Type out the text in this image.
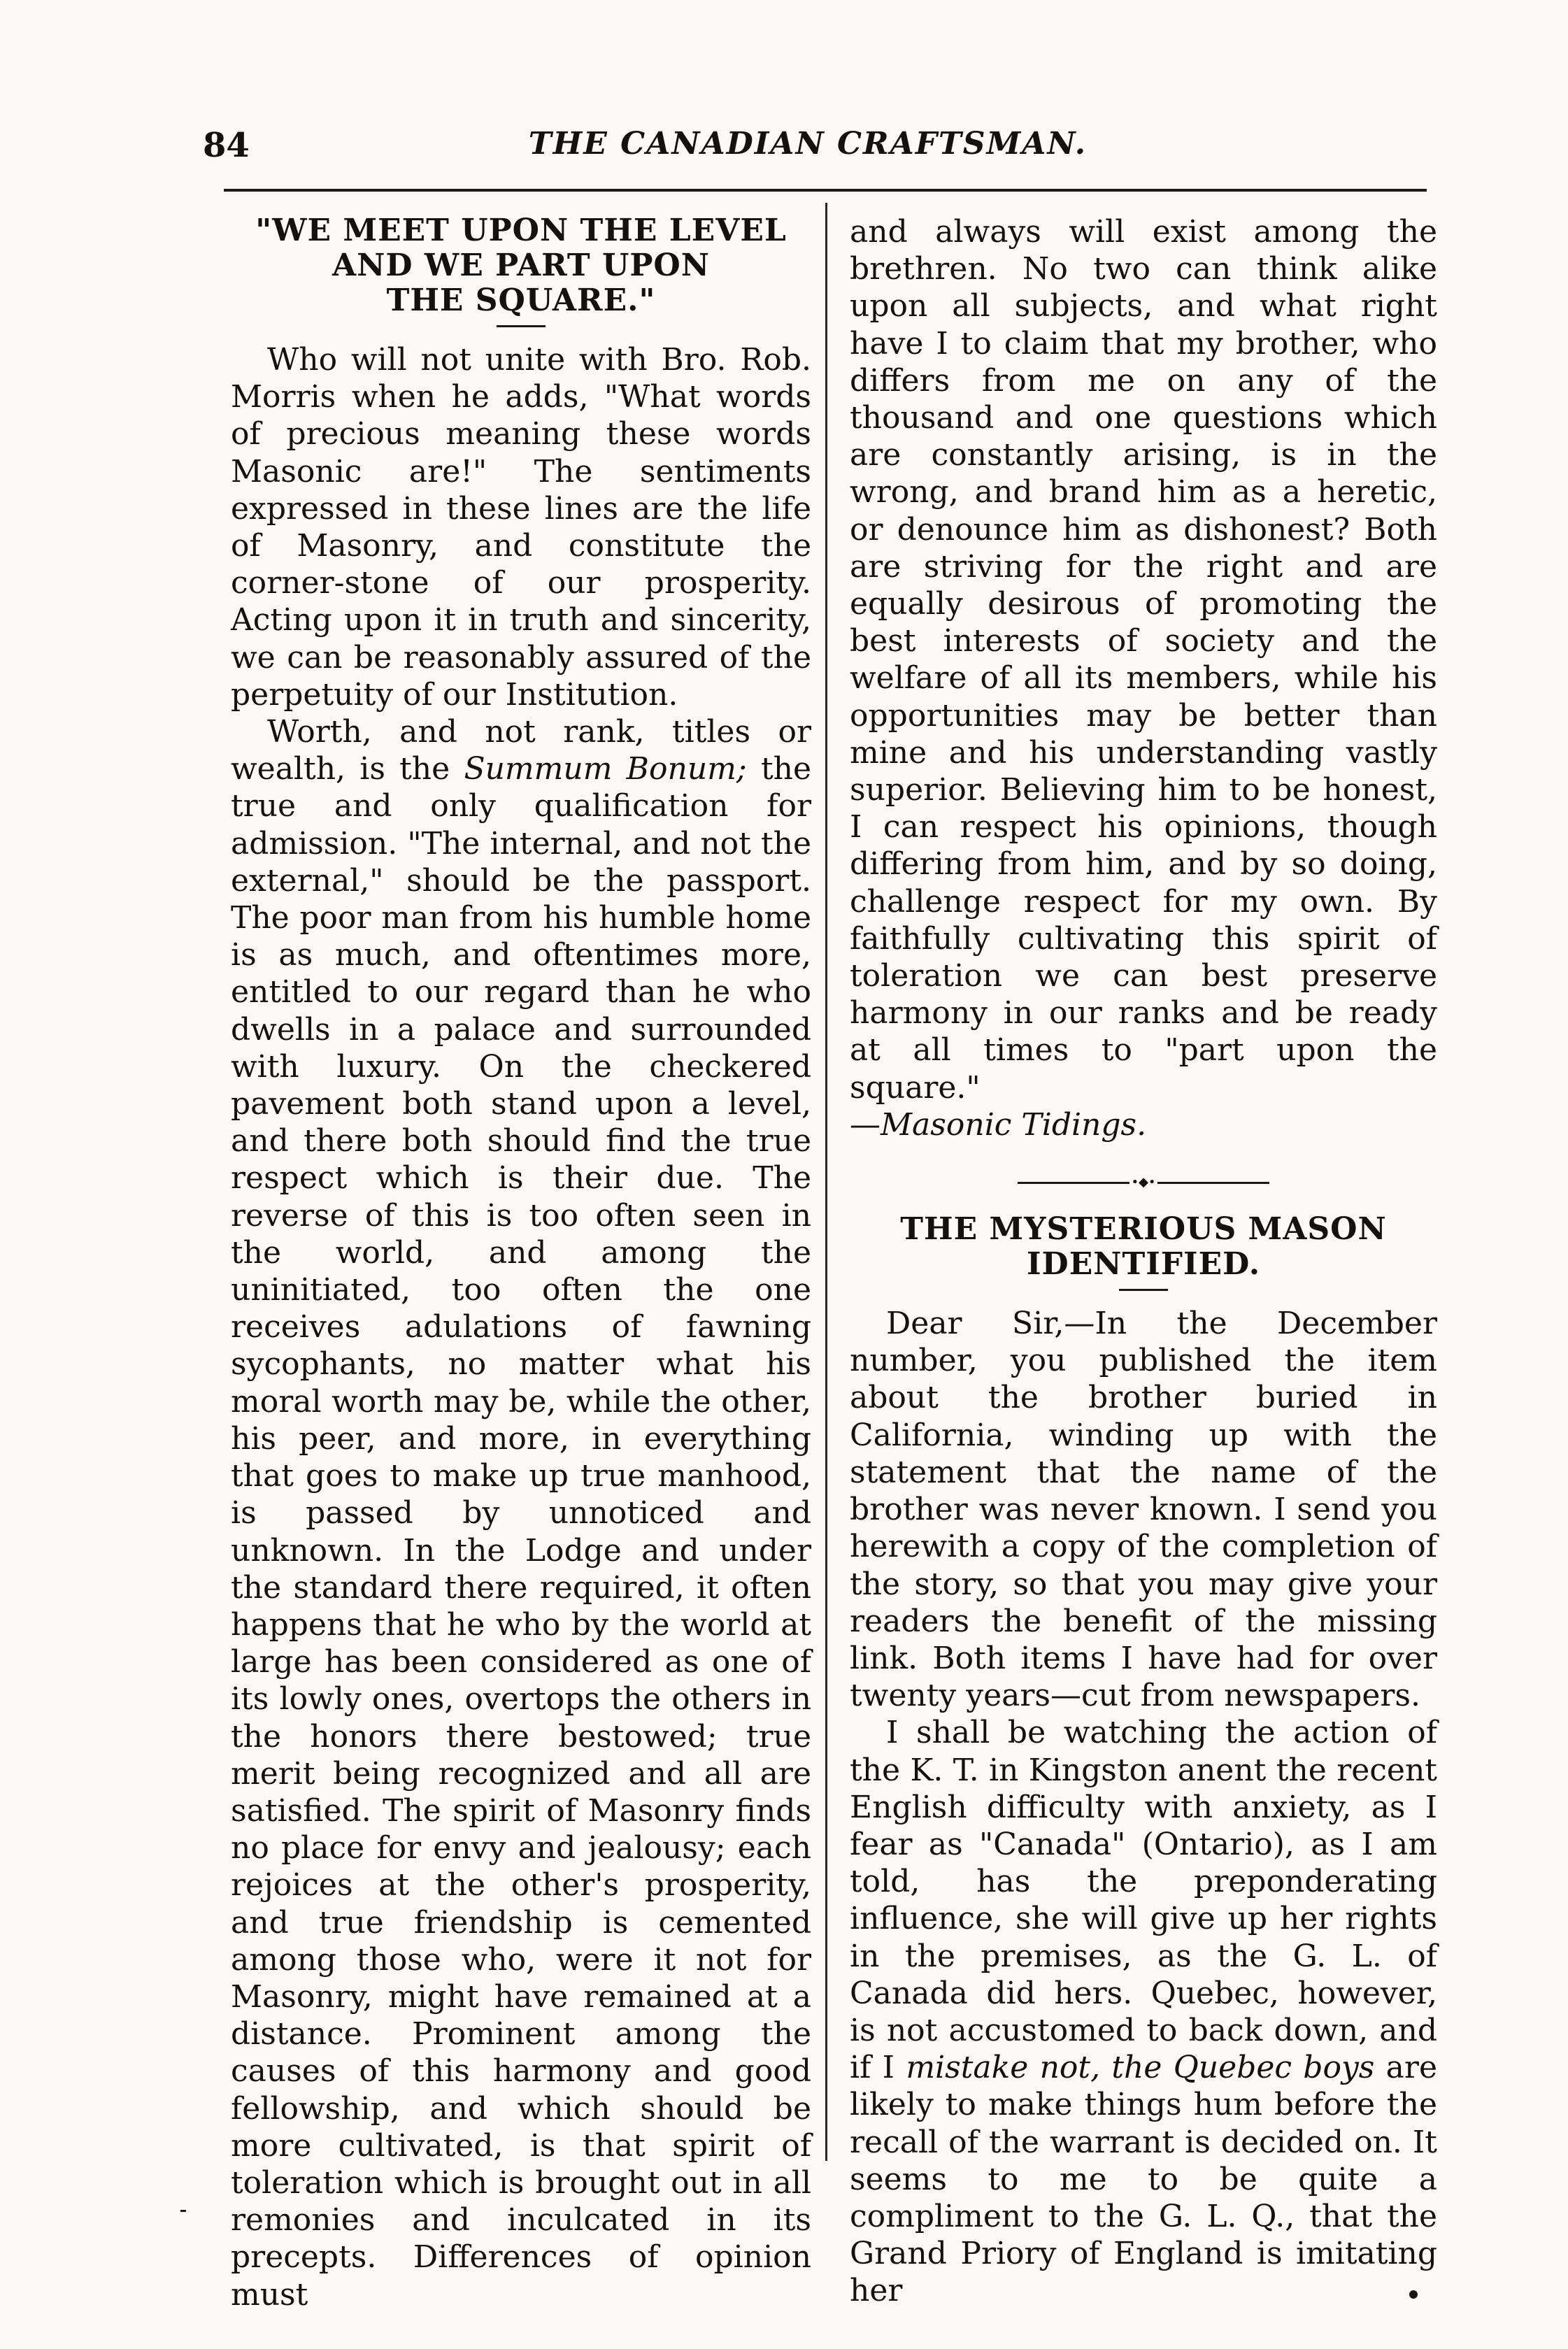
84	THE CANADIAN CRAFTSMAN.
"WE MEET UPON THE LEVEL
AND WE PART UPON
THE SQUARE."

Who will not unite with Bro. Rob. Morris when he adds, "What words of precious meaning these words Masonic are!" The sentiments expressed in these lines are the life of Masonry, and constitute the corner-stone of our prosperity. Acting upon it in truth and sincerity, we can be reasonably assured of the perpetuity of our Institution.

Worth, and not rank, titles or wealth, is the Summum Bonum; the true and only qualification for admission. "The internal, and not the external," should be the passport. The poor man from his humble home is as much, and oftentimes more, entitled to our regard than he who dwells in a palace and surrounded with luxury. On the checkered pavement both stand upon a level, and there both should find the true respect which is their due. The reverse of this is too often seen in the world, and among the uninitiated, too often the one receives adulations of fawning sycophants, no matter what his moral worth may be, while the other, his peer, and more, in everything that goes to make up true manhood, is passed by unnoticed and unknown. In the Lodge and under the standard there required, it often happens that he who by the world at large has been considered as one of its lowly ones, overtops the others in the honors there bestowed; true merit being recognized and all are satisfied. The spirit of Masonry finds no place for envy and jealousy; each rejoices at the other's prosperity, and true friendship is cemented among those who, were it not for Masonry, might have remained at a distance. Prominent among the causes of this harmony and good fellowship, and which should be more cultivated, is that spirit of toleration which is brought out in all remonies and inculcated in its precepts. Differences of opinion must

and always will exist among the brethren. No two can think alike upon all subjects, and what right have I to claim that my brother, who differs from me on any of the thousand and one questions which are constantly arising, is in the wrong, and brand him as a heretic, or denounce him as dishonest? Both are striving for the right and are equally desirous of promoting the best interests of society and the welfare of all its members, while his opportunities may be better than mine and his understanding vastly superior. Believing him to be honest, I can respect his opinions, though differing from him, and by so doing, challenge respect for my own. By faithfully cultivating this spirit of toleration we can best preserve harmony in our ranks and be ready at all times to "part upon the square."

—Masonic Tidings.

•◆•
THE MYSTERIOUS MASON
IDENTIFIED.

Dear Sir,—In the December number, you published the item about the brother buried in California, winding up with the statement that the name of the brother was never known. I send you herewith a copy of the completion of the story, so that you may give your readers the benefit of the missing link. Both items I have had for over twenty years—cut from newspapers.

I shall be watching the action of the K. T. in Kingston anent the recent English difficulty with anxiety, as I fear as "Canada" (Ontario), as I am told, has the preponderating influence, she will give up her rights in the premises, as the G. L. of Canada did hers. Quebec, however, is not accustomed to back down, and if I mistake not, the Quebec boys are likely to make things hum before the recall of the warrant is decided on. It seems to me to be quite a compliment to the G. L. Q., that the Grand Priory of England is imitating her
